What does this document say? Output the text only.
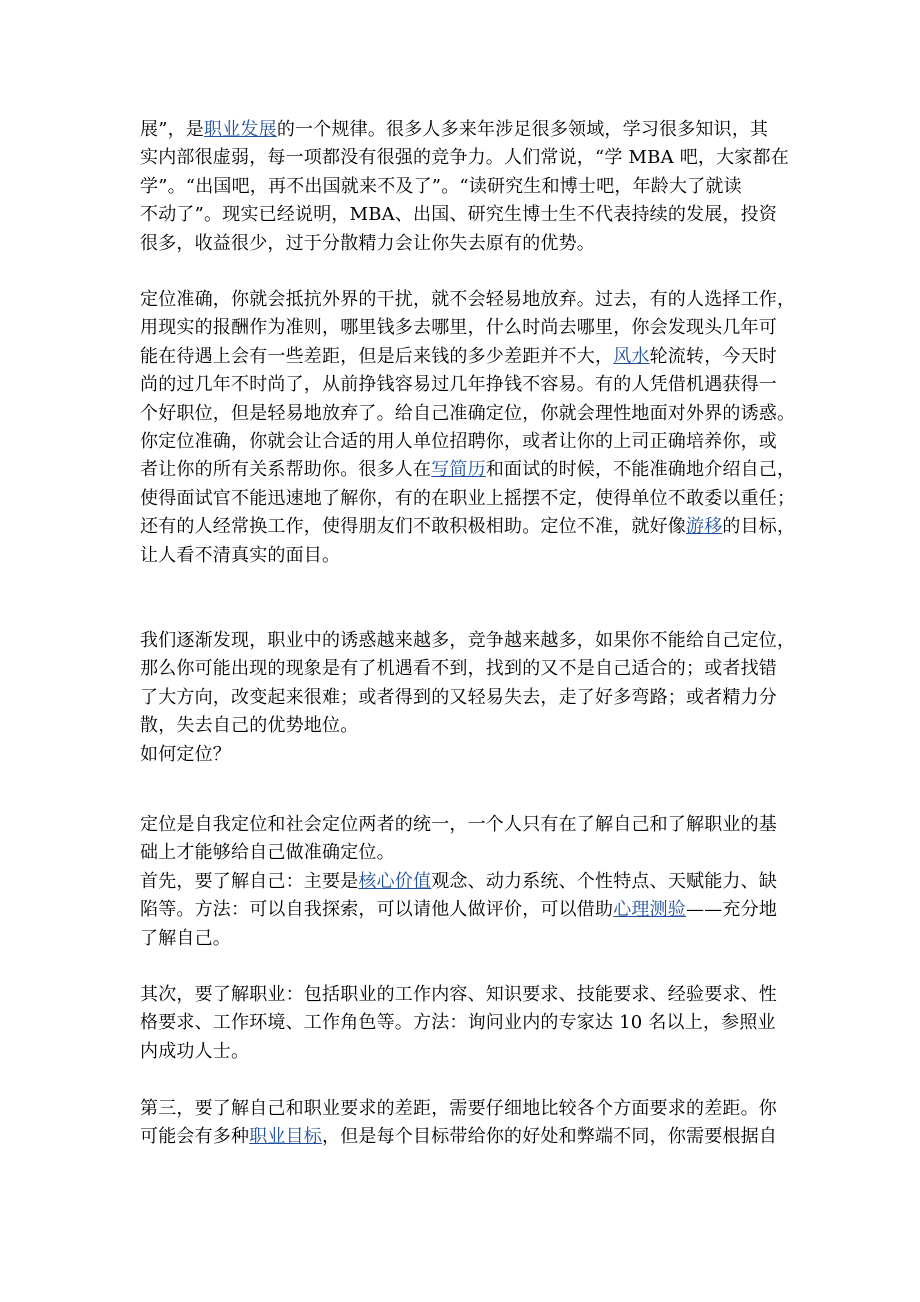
展”，是职业发展的一个规律。很多人多来年涉足很多领域，学习很多知识，其
实内部很虚弱，每一项都没有很强的竞争力。人们常说，“学 MBA 吧，大家都在
学”。“出国吧，再不出国就来不及了”。“读研究生和博士吧，年龄大了就读
不动了”。现实已经说明，MBA、出国、研究生博士生不代表持续的发展，投资
很多，收益很少，过于分散精力会让你失去原有的优势。
定位准确，你就会抵抗外界的干扰，就不会轻易地放弃。过去，有的人选择工作，
用现实的报酬作为准则，哪里钱多去哪里，什么时尚去哪里，你会发现头几年可
能在待遇上会有一些差距，但是后来钱的多少差距并不大，风水轮流转，今天时
尚的过几年不时尚了，从前挣钱容易过几年挣钱不容易。有的人凭借机遇获得一
个好职位，但是轻易地放弃了。给自己准确定位，你就会理性地面对外界的诱惑。
你定位准确，你就会让合适的用人单位招聘你，或者让你的上司正确培养你，或
者让你的所有关系帮助你。很多人在写简历和面试的时候，不能准确地介绍自己，
使得面试官不能迅速地了解你，有的在职业上摇摆不定，使得单位不敢委以重任；
还有的人经常换工作，使得朋友们不敢积极相助。定位不准，就好像游移的目标，
让人看不清真实的面目。
我们逐渐发现，职业中的诱惑越来越多，竞争越来越多，如果你不能给自己定位，
那么你可能出现的现象是有了机遇看不到，找到的又不是自己适合的；或者找错
了大方向，改变起来很难；或者得到的又轻易失去，走了好多弯路；或者精力分
散，失去自己的优势地位。
如何定位？
定位是自我定位和社会定位两者的统一，一个人只有在了解自己和了解职业的基
础上才能够给自己做准确定位。
首先，要了解自己：主要是核心价值观念、动力系统、个性特点、天赋能力、缺
陷等。方法：可以自我探索，可以请他人做评价，可以借助心理测验——充分地
了解自己。
其次，要了解职业：包括职业的工作内容、知识要求、技能要求、经验要求、性
格要求、工作环境、工作角色等。方法：询问业内的专家达 10 名以上，参照业
内成功人士。
第三，要了解自己和职业要求的差距，需要仔细地比较各个方面要求的差距。你
可能会有多种职业目标，但是每个目标带给你的好处和弊端不同，你需要根据自
